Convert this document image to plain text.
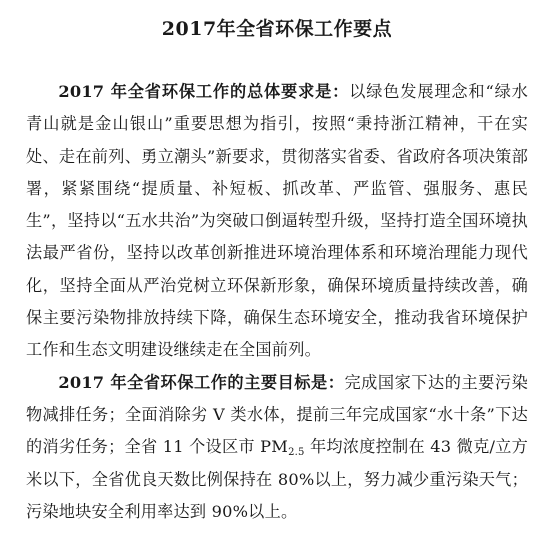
2017年全省环保工作要点

2017 年全省环保工作的总体要求是：以绿色发展理念和“绿水青山就是金山银山”重要思想为指引，按照“秉持浙江精神，干在实处、走在前列、勇立潮头”新要求，贯彻落实省委、省政府各项决策部署，紧紧围绕“提质量、补短板、抓改革、严监管、强服务、惠民生”，坚持以“五水共治”为突破口倒逼转型升级，坚持打造全国环境执法最严省份，坚持以改革创新推进环境治理体系和环境治理能力现代化，坚持全面从严治党树立环保新形象，确保环境质量持续改善，确保主要污染物排放持续下降，确保生态环境安全，推动我省环境保护工作和生态文明建设继续走在全国前列。

2017 年全省环保工作的主要目标是：完成国家下达的主要污染物减排任务；全面消除劣 V 类水体，提前三年完成国家“水十条”下达的消劣任务；全省 11 个设区市 $PM_{2.5}$ 年均浓度控制在 43 微克/立方米以下，全省优良天数比例保持在 80%以上，努力减少重污染天气；污染地块安全利用率达到 90%以上。
